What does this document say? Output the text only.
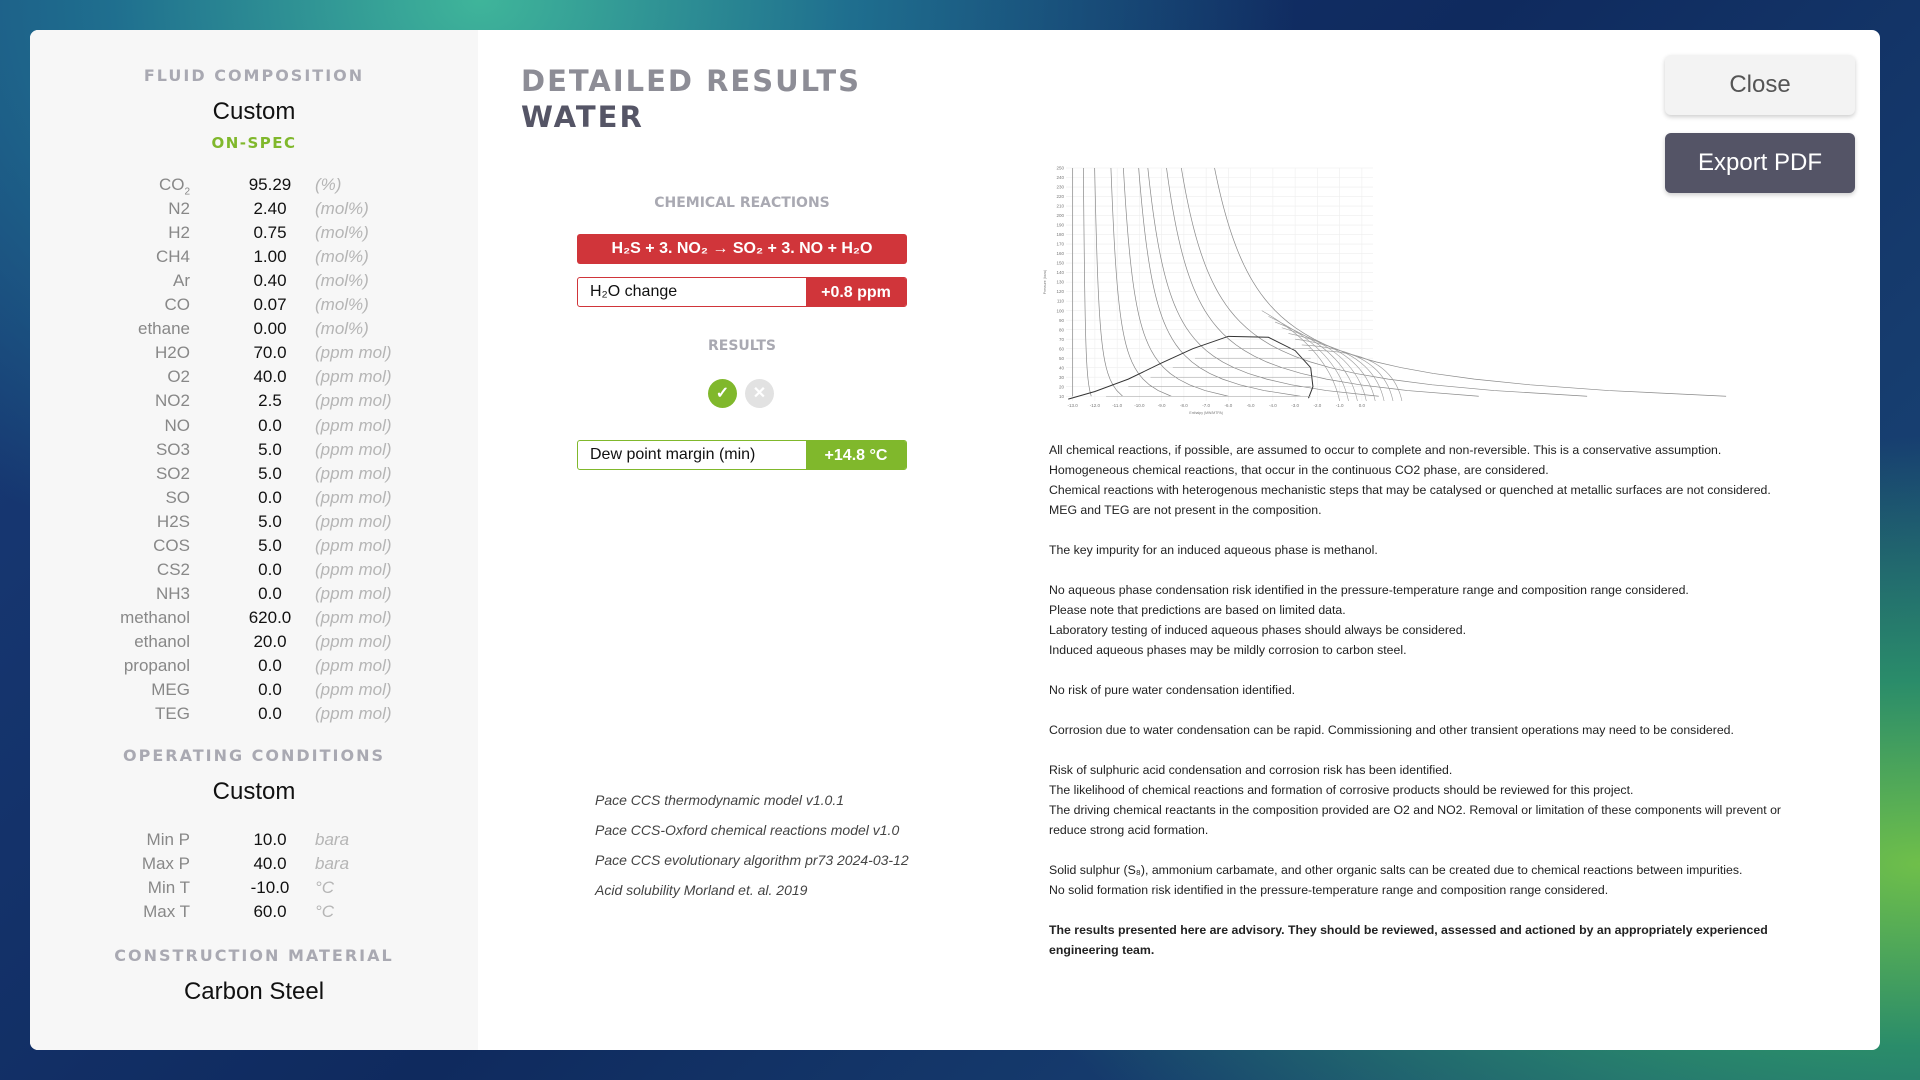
FLUID COMPOSITION
Custom
ON-SPEC
$CO_2$	95.29	(%)
N2	2.40	(mol%)
H2	0.75	(mol%)
CH4	1.00	(mol%)
Ar	0.40	(mol%)
CO	0.07	(mol%)
ethane	0.00	(mol%)
H2O	70.0	(ppm mol)
O2	40.0	(ppm mol)
NO2	2.5	(ppm mol)
NO	0.0	(ppm mol)
SO3	5.0	(ppm mol)
SO2	5.0	(ppm mol)
SO	0.0	(ppm mol)
H2S	5.0	(ppm mol)
COS	5.0	(ppm mol)
CS2	0.0	(ppm mol)
NH3	0.0	(ppm mol)
methanol	620.0	(ppm mol)
ethanol	20.0	(ppm mol)
propanol	0.0	(ppm mol)
MEG	0.0	(ppm mol)
TEG	0.0	(ppm mol)
OPERATING CONDITIONS
Custom
Min P	10.0	bara
Max P	40.0	bara
Min T	-10.0	°C
Max T	60.0	°C
CONSTRUCTION MATERIAL
Carbon Steel
DETAILED RESULTS
WATER
Close
Export PDF
CHEMICAL REACTIONS
H₂S + 3. NO₂ → SO₂ + 3. NO + H₂O
H₂O change	+0.8 ppm
RESULTS
✓	✕
Dew point margin (min)	+14.8 °C
Pace CCS thermodynamic model v1.0.1
Pace CCS-Oxford chemical reactions model v1.0
Pace CCS evolutionary algorithm pr73 2024-03-12
Acid solubility Morland et. al. 2019
10
20
30
40
50
60
70
80
90
100
110
120
130
140
150
160
170
180
190
200
210
220
230
240
250
-13.0	-12.0	-11.0	-10.0	-9.0	-8.0	-7.0	-6.0	-5.0	-4.0	-3.0	-2.0	-1.0	0.0
Enthalpy (MW/MTPA)
Pressure (bara)

All chemical reactions, if possible, are assumed to occur to complete and non-reversible. This is a conservative assumption.

Homogeneous chemical reactions, that occur in the continuous CO2 phase, are considered.

Chemical reactions with heterogenous mechanistic steps that may be catalysed or quenched at metallic surfaces are not considered.

MEG and TEG are not present in the composition.

The key impurity for an induced aqueous phase is methanol.

No aqueous phase condensation risk identified in the pressure-temperature range and composition range considered.

Please note that predictions are based on limited data.

Laboratory testing of induced aqueous phases should always be considered.

Induced aqueous phases may be mildly corrosion to carbon steel.

No risk of pure water condensation identified.

Corrosion due to water condensation can be rapid. Commissioning and other transient operations may need to be considered.

Risk of sulphuric acid condensation and corrosion risk has been identified.

The likelihood of chemical reactions and formation of corrosive products should be reviewed for this project.

The driving chemical reactants in the composition provided are O2 and NO2. Removal or limitation of these components will prevent or reduce strong acid formation.

Solid sulphur (S₈), ammonium carbamate, and other organic salts can be created due to chemical reactions between impurities.

No solid formation risk identified in the pressure-temperature range and composition range considered.

The results presented here are advisory. They should be reviewed, assessed and actioned by an appropriately experienced engineering team.
